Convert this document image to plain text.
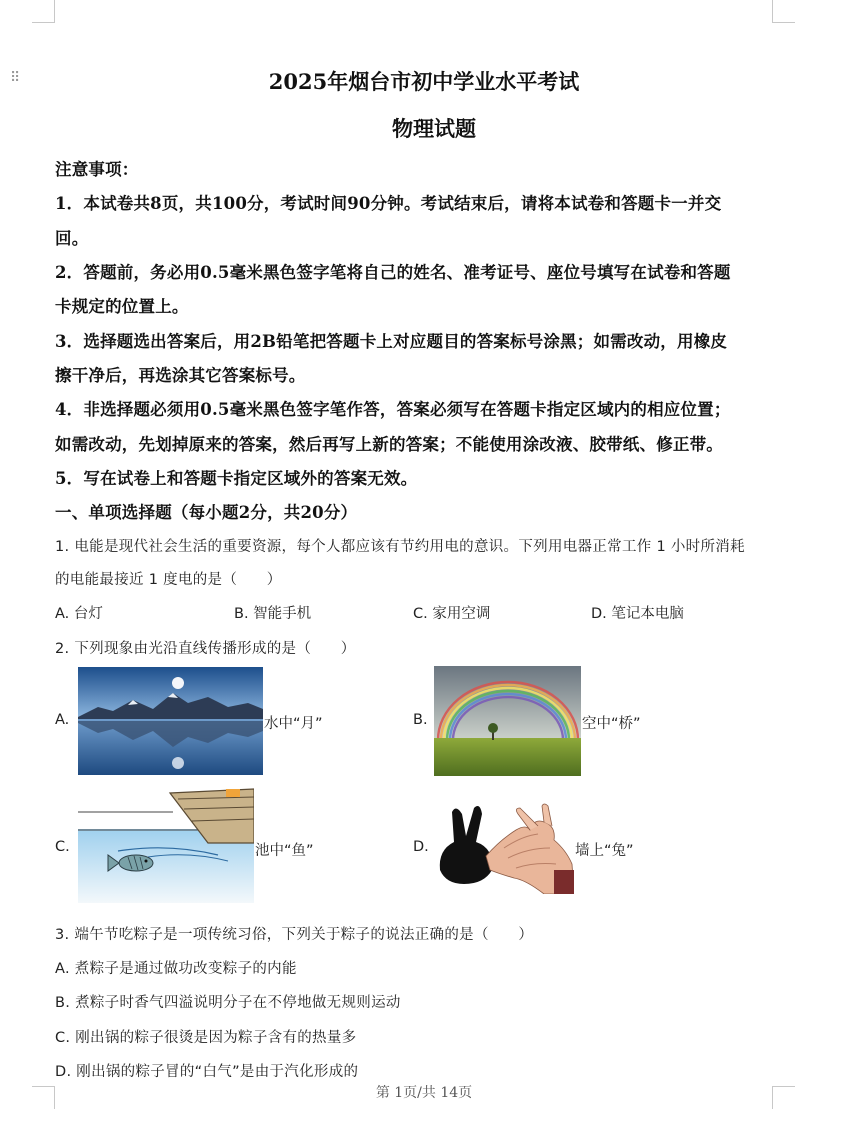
⠿	2025年烟台市初中学业水平考试
物理试题
注意事项：
1．本试卷共8页，共100分，考试时间90分钟。考试结束后，请将本试卷和答题卡一并交
回。
2．答题前，务必用0.5毫米黑色签字笔将自己的姓名、准考证号、座位号填写在试卷和答题
卡规定的位置上。
3．选择题选出答案后，用2B铅笔把答题卡上对应题目的答案标号涂黑；如需改动，用橡皮
擦干净后，再选涂其它答案标号。
4．非选择题必须用0.5毫米黑色签字笔作答，答案必须写在答题卡指定区域内的相应位置；
如需改动，先划掉原来的答案，然后再写上新的答案；不能使用涂改液、胶带纸、修正带。
5．写在试卷上和答题卡指定区域外的答案无效。
一、单项选择题（每小题2分，共20分）
1. 电能是现代社会生活的重要资源，每个人都应该有节约用电的意识。下列用电器正常工作 1 小时所消耗
的电能最接近 1 度电的是（　　）
A. 台灯	B. 智能手机	C. 家用空调	D. 笔记本电脑
2. 下列现象由光沿直线传播形成的是（　　）
A.	水中“月”	B.	空中“桥”
C.	池中“鱼”	D.	墙上“兔”
3. 端午节吃粽子是一项传统习俗，下列关于粽子的说法正确的是（　　）
A. 煮粽子是通过做功改变粽子的内能
B. 煮粽子时香气四溢说明分子在不停地做无规则运动
C. 刚出锅的粽子很烫是因为粽子含有的热量多
D. 刚出锅的粽子冒的“白气”是由于汽化形成的
第 1页/共 14页
